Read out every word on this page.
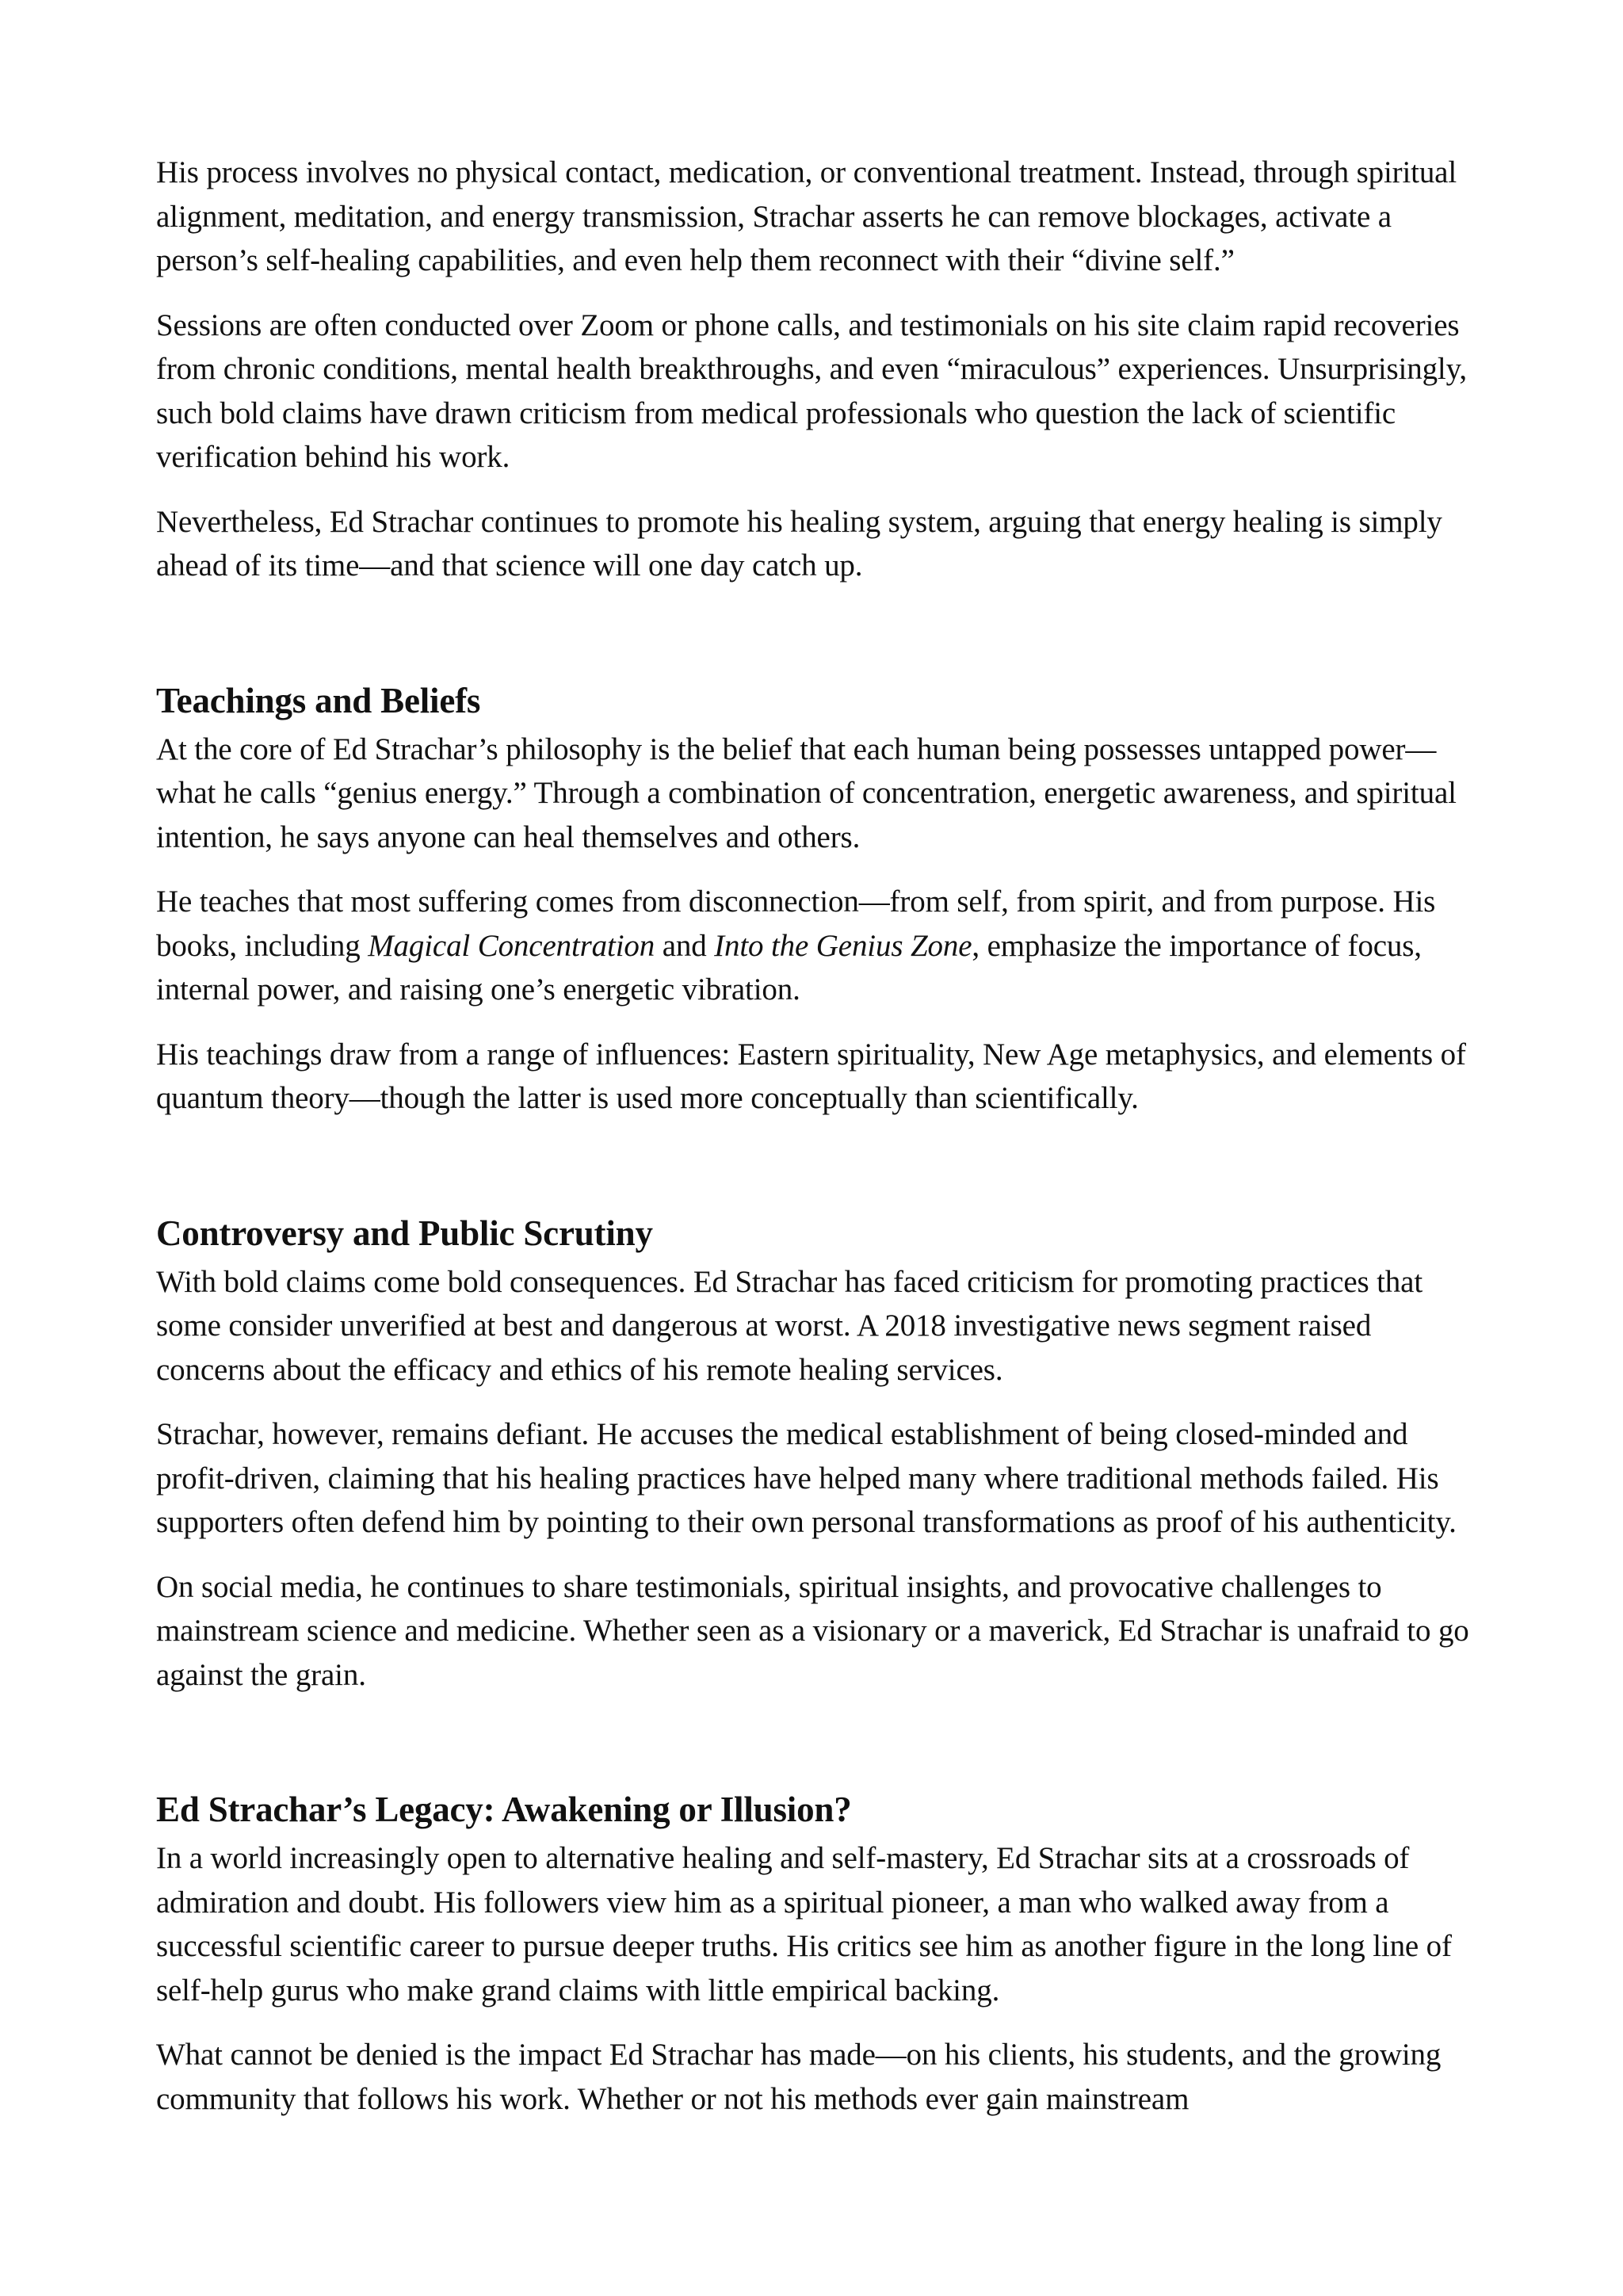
His process involves no physical contact, medication, or conventional treatment. Instead, through spiritual alignment, meditation, and energy transmission, Strachar asserts he can remove blockages, activate a person’s self-healing capabilities, and even help them reconnect with their “divine self.”

Sessions are often conducted over Zoom or phone calls, and testimonials on his site claim rapid recoveries from chronic conditions, mental health breakthroughs, and even “miraculous” experiences. Unsurprisingly, such bold claims have drawn criticism from medical professionals who question the lack of scientific verification behind his work.

Nevertheless, Ed Strachar continues to promote his healing system, arguing that energy healing is simply ahead of its time—and that science will one day catch up.

Teachings and Beliefs

At the core of Ed Strachar’s philosophy is the belief that each human being possesses untapped power—what he calls “genius energy.” Through a combination of concentration, energetic awareness, and spiritual intention, he says anyone can heal themselves and others.

He teaches that most suffering comes from disconnection—from self, from spirit, and from purpose. His books, including Magical Concentration and Into the Genius Zone, emphasize the importance of focus, internal power, and raising one’s energetic vibration.

His teachings draw from a range of influences: Eastern spirituality, New Age metaphysics, and elements of quantum theory—though the latter is used more conceptually than scientifically.

Controversy and Public Scrutiny

With bold claims come bold consequences. Ed Strachar has faced criticism for promoting practices that some consider unverified at best and dangerous at worst. A 2018 investigative news segment raised concerns about the efficacy and ethics of his remote healing services.

Strachar, however, remains defiant. He accuses the medical establishment of being closed-minded and profit-driven, claiming that his healing practices have helped many where traditional methods failed. His supporters often defend him by pointing to their own personal transformations as proof of his authenticity.

On social media, he continues to share testimonials, spiritual insights, and provocative challenges to mainstream science and medicine. Whether seen as a visionary or a maverick, Ed Strachar is unafraid to go against the grain.

Ed Strachar’s Legacy: Awakening or Illusion?

In a world increasingly open to alternative healing and self-mastery, Ed Strachar sits at a crossroads of admiration and doubt. His followers view him as a spiritual pioneer, a man who walked away from a successful scientific career to pursue deeper truths. His critics see him as another figure in the long line of self-help gurus who make grand claims with little empirical backing.

What cannot be denied is the impact Ed Strachar has made—on his clients, his students, and the growing community that follows his work. Whether or not his methods ever gain mainstream
